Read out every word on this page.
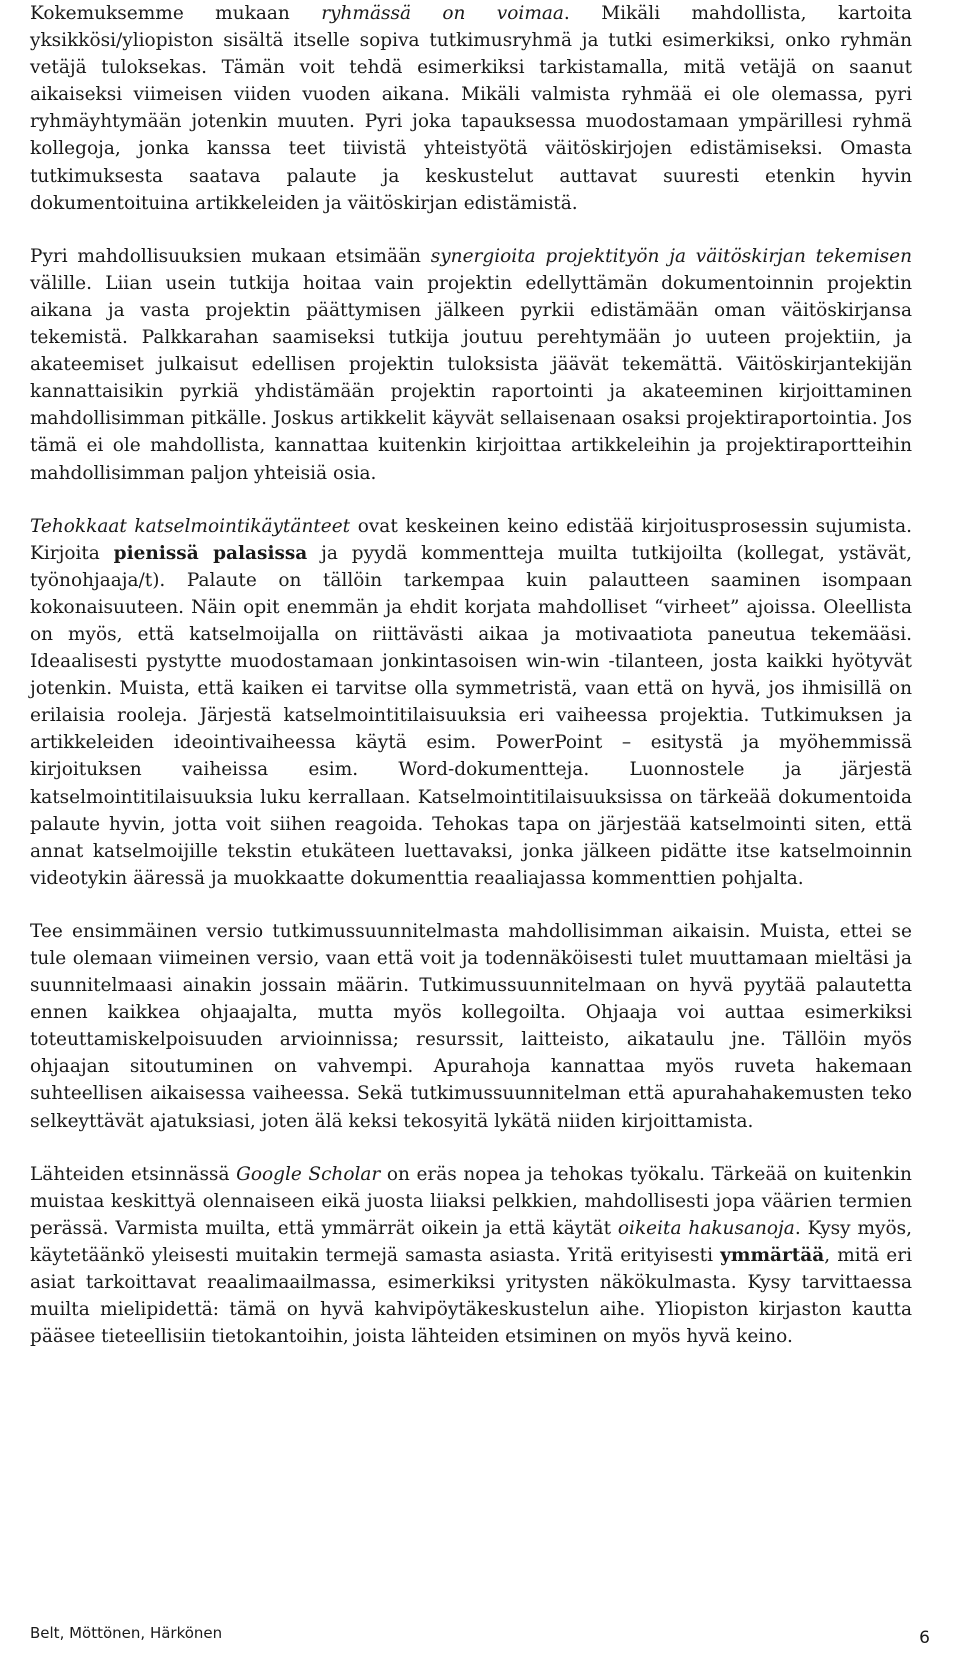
Kokemuksemme mukaan ryhmässä on voimaa. Mikäli mahdollista, kartoita yksikkösi/yliopiston sisältä itselle sopiva tutkimusryhmä ja tutki esimerkiksi, onko ryhmän vetäjä tuloksekas. Tämän voit tehdä esimerkiksi tarkistamalla, mitä vetäjä on saanut aikaiseksi viimeisen viiden vuoden aikana. Mikäli valmista ryhmää ei ole olemassa, pyri ryhmäyhtymään jotenkin muuten. Pyri joka tapauksessa muodostamaan ympärillesi ryhmä kollegoja, jonka kanssa teet tiivistä yhteistyötä väitöskirjojen edistämiseksi. Omasta tutkimuksesta saatava palaute ja keskustelut auttavat suuresti etenkin hyvin dokumentoituina artikkeleiden ja väitöskirjan edistämistä.

Pyri mahdollisuuksien mukaan etsimään synergioita projektityön ja väitöskirjan tekemisen välille. Liian usein tutkija hoitaa vain projektin edellyttämän dokumentoinnin projektin aikana ja vasta projektin päättymisen jälkeen pyrkii edistämään oman väitöskirjansa tekemistä. Palkkarahan saamiseksi tutkija joutuu perehtymään jo uuteen projektiin, ja akateemiset julkaisut edellisen projektin tuloksista jäävät tekemättä. Väitöskirjantekijän kannattaisikin pyrkiä yhdistämään projektin raportointi ja akateeminen kirjoittaminen mahdollisimman pitkälle. Joskus artikkelit käyvät sellaisenaan osaksi projektiraportointia. Jos tämä ei ole mahdollista, kannattaa kuitenkin kirjoittaa artikkeleihin ja projektiraportteihin mahdollisimman paljon yhteisiä osia.

Tehokkaat katselmointikäytänteet ovat keskeinen keino edistää kirjoitusprosessin sujumista. Kirjoita pienissä palasissa ja pyydä kommentteja muilta tutkijoilta (kollegat, ystävät, työnohjaaja/t). Palaute on tällöin tarkempaa kuin palautteen saaminen isompaan kokonaisuuteen. Näin opit enemmän ja ehdit korjata mahdolliset “virheet” ajoissa. Oleellista on myös, että katselmoijalla on riittävästi aikaa ja motivaatiota paneutua tekemääsi. Ideaalisesti pystytte muodostamaan jonkintasoisen win-win -tilanteen, josta kaikki hyötyvät jotenkin. Muista, että kaiken ei tarvitse olla symmetristä, vaan että on hyvä, jos ihmisillä on erilaisia rooleja. Järjestä katselmointitilaisuuksia eri vaiheessa projektia. Tutkimuksen ja artikkeleiden ideointivaiheessa käytä esim. PowerPoint – esitystä ja myöhemmissä kirjoituksen vaiheissa esim. Word-dokumentteja. Luonnostele ja järjestä katselmointitilaisuuksia luku kerrallaan. Katselmointitilaisuuksissa on tärkeää dokumentoida palaute hyvin, jotta voit siihen reagoida. Tehokas tapa on järjestää katselmointi siten, että annat katselmoijille tekstin etukäteen luettavaksi, jonka jälkeen pidätte itse katselmoinnin videotykin ääressä ja muokkaatte dokumenttia reaaliajassa kommenttien pohjalta.

Tee ensimmäinen versio tutkimussuunnitelmasta mahdollisimman aikaisin. Muista, ettei se tule olemaan viimeinen versio, vaan että voit ja todennäköisesti tulet muuttamaan mieltäsi ja suunnitelmaasi ainakin jossain määrin. Tutkimussuunnitelmaan on hyvä pyytää palautetta ennen kaikkea ohjaajalta, mutta myös kollegoilta. Ohjaaja voi auttaa esimerkiksi toteuttamiskelpoisuuden arvioinnissa; resurssit, laitteisto, aikataulu jne. Tällöin myös ohjaajan sitoutuminen on vahvempi. Apurahoja kannattaa myös ruveta hakemaan suhteellisen aikaisessa vaiheessa. Sekä tutkimussuunnitelman että apurahahakemusten teko selkeyttävät ajatuksiasi, joten älä keksi tekosyitä lykätä niiden kirjoittamista.

Lähteiden etsinnässä Google Scholar on eräs nopea ja tehokas työkalu. Tärkeää on kuitenkin muistaa keskittyä olennaiseen eikä juosta liiaksi pelkkien, mahdollisesti jopa väärien termien perässä. Varmista muilta, että ymmärrät oikein ja että käytät oikeita hakusanoja. Kysy myös, käytetäänkö yleisesti muitakin termejä samasta asiasta. Yritä erityisesti ymmärtää, mitä eri asiat tarkoittavat reaalimaailmassa, esimerkiksi yritysten näkökulmasta. Kysy tarvittaessa muilta mielipidettä: tämä on hyvä kahvipöytäkeskustelun aihe. Yliopiston kirjaston kautta pääsee tieteellisiin tietokantoihin, joista lähteiden etsiminen on myös hyvä keino.

Belt, Möttönen, Härkönen	6
